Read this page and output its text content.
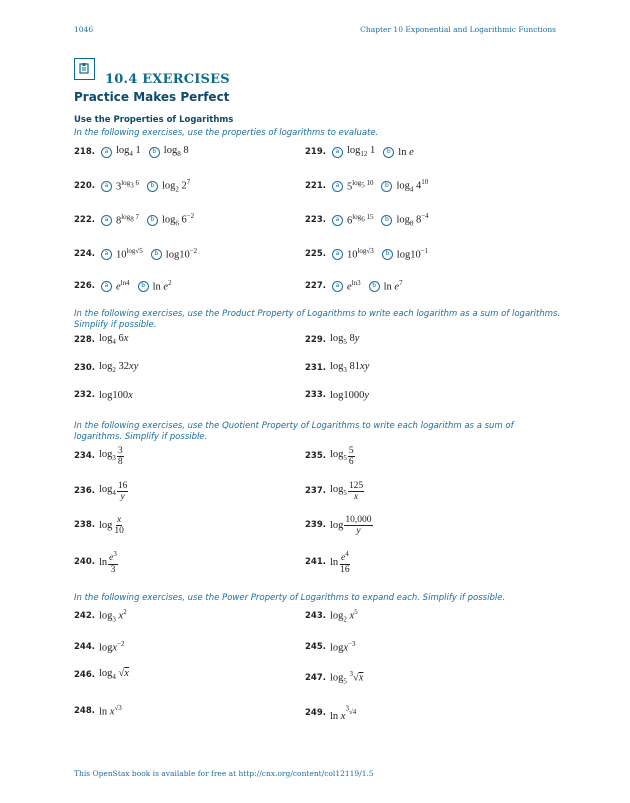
1046	Chapter 10 Exponential and Logarithmic Functions
10.4 EXERCISES
Practice Makes Perfect
Use the Properties of Logarithms
In the following exercises, use the properties of logarithms to evaluate.
218.	a $\log_4 1$	b $\log_8 8$	219.	a $\log_{12} 1$	b ln e
220.	a $3^{log_3 6}$	b $\log_2 2^7$	221.	a $5^{log_5 10}$	b $\log_4 4^{10}$
222.	a $8^{log_8 7}$	b $\log_6 6^{-2}$	223.	a $6^{log_6 15}$	b $\log_8 8^{-4}$
224.	a $10^{log√5}$	b $\log 10^{-2}$	225.	a $10^{log√3}$	b $\log 10^{-1}$
226.	a $e^{ln4}$	b $\ln e^2$	227.	a $e^{ln3}$	b $\ln e^7$
In the following exercises, use the Product Property of Logarithms to write each logarithm as a sum of logarithms. Simplify if possible.
228. $\log_4 6x$	229. $\log_5 8y$
230. $\log_2 32xy$	231. $\log_3 81xy$
232. log100x	233. log1000y
In the following exercises, use the Quotient Property of Logarithms to write each logarithm as a sum of logarithms. Simplify if possible.
234. $\log_3 \frac{3}{8}$	235. $\log_5 \frac{5}{6}$
236. $\log_4 \frac{16}{y}$	237. $\log_5 \frac{125}{x}$
238. $\log \frac{x}{10}$	239. $\log \frac{10,000}{y}$
240. $\ln \frac{e^3}{3}$	241. $\ln \frac{e^4}{16}$
In the following exercises, use the Power Property of Logarithms to expand each. Simplify if possible.
242. $\log_3 x^2$	243. $\log_2 x^5$
244. logx$^{-2}$	245. logx$^{-3}$
246. $\log_4 √x$	247. $\log_5 ^3√x$
248. $\ln x^{√3}$	249. $\ln x^{^3√4}$
This OpenStax book is available for free at http://cnx.org/content/col12119/1.5
